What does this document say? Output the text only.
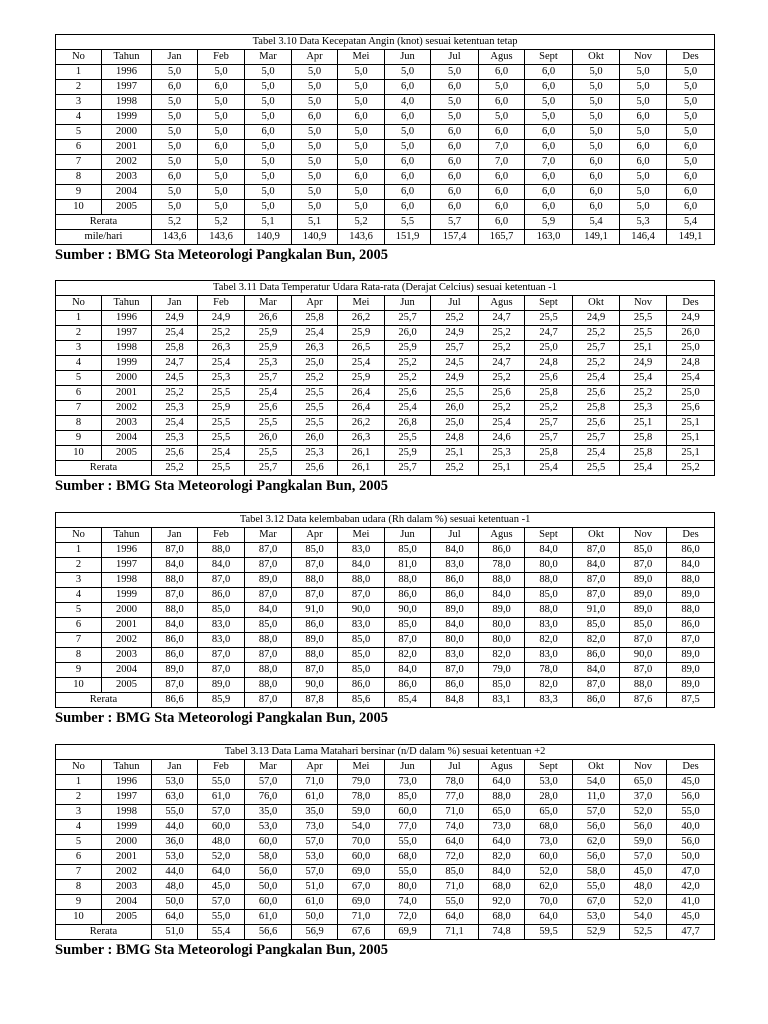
Tabel 3.10 Data Kecepatan Angin (knot) sesuai ketentuan tetap													
No	Tahun	Jan	Feb	Mar	Apr	Mei	Jun	Jul	Agus	Sept	Okt	Nov	Des
1	1996	5,0	5,0	5,0	5,0	5,0	5,0	5,0	6,0	6,0	5,0	5,0	5,0
2	1997	6,0	6,0	5,0	5,0	5,0	6,0	6,0	5,0	6,0	5,0	5,0	5,0
3	1998	5,0	5,0	5,0	5,0	5,0	4,0	5,0	6,0	5,0	5,0	5,0	5,0
4	1999	5,0	5,0	5,0	6,0	6,0	6,0	5,0	5,0	5,0	5,0	6,0	5,0
5	2000	5,0	5,0	6,0	5,0	5,0	5,0	6,0	6,0	6,0	5,0	5,0	5,0
6	2001	5,0	6,0	5,0	5,0	5,0	5,0	6,0	7,0	6,0	5,0	6,0	6,0
7	2002	5,0	5,0	5,0	5,0	5,0	6,0	6,0	7,0	7,0	6,0	6,0	5,0
8	2003	6,0	5,0	5,0	5,0	6,0	6,0	6,0	6,0	6,0	6,0	5,0	6,0
9	2004	5,0	5,0	5,0	5,0	5,0	6,0	6,0	6,0	6,0	6,0	5,0	6,0
10	2005	5,0	5,0	5,0	5,0	5,0	6,0	6,0	6,0	6,0	6,0	5,0	6,0
Rerata		5,2	5,2	5,1	5,1	5,2	5,5	5,7	6,0	5,9	5,4	5,3	5,4
mile/hari		143,6	143,6	140,9	140,9	143,6	151,9	157,4	165,7	163,0	149,1	146,4	149,1
Sumber : BMG Sta Meteorologi Pangkalan Bun, 2005
Tabel 3.11 Data Temperatur Udara Rata-rata (Derajat Celcius) sesuai ketentuan -1													
No	Tahun	Jan	Feb	Mar	Apr	Mei	Jun	Jul	Agus	Sept	Okt	Nov	Des
1	1996	24,9	24,9	26,6	25,8	26,2	25,7	25,2	24,7	25,5	24,9	25,5	24,9
2	1997	25,4	25,2	25,9	25,4	25,9	26,0	24,9	25,2	24,7	25,2	25,5	26,0
3	1998	25,8	26,3	25,9	26,3	26,5	25,9	25,7	25,2	25,0	25,7	25,1	25,0
4	1999	24,7	25,4	25,3	25,0	25,4	25,2	24,5	24,7	24,8	25,2	24,9	24,8
5	2000	24,5	25,3	25,7	25,2	25,9	25,2	24,9	25,2	25,6	25,4	25,4	25,4
6	2001	25,2	25,5	25,4	25,5	26,4	25,6	25,5	25,6	25,8	25,6	25,2	25,0
7	2002	25,3	25,9	25,6	25,5	26,4	25,4	26,0	25,2	25,2	25,8	25,3	25,6
8	2003	25,4	25,5	25,5	25,5	26,2	26,8	25,0	25,4	25,7	25,6	25,1	25,1
9	2004	25,3	25,5	26,0	26,0	26,3	25,5	24,8	24,6	25,7	25,7	25,8	25,1
10	2005	25,6	25,4	25,5	25,3	26,1	25,9	25,1	25,3	25,8	25,4	25,8	25,1
Rerata		25,2	25,5	25,7	25,6	26,1	25,7	25,2	25,1	25,4	25,5	25,4	25,2
Sumber : BMG Sta Meteorologi Pangkalan Bun, 2005
Tabel 3.12 Data kelembaban udara (Rh dalam %) sesuai ketentuan -1													
No	Tahun	Jan	Feb	Mar	Apr	Mei	Jun	Jul	Agus	Sept	Okt	Nov	Des
1	1996	87,0	88,0	87,0	85,0	83,0	85,0	84,0	86,0	84,0	87,0	85,0	86,0
2	1997	84,0	84,0	87,0	87,0	84,0	81,0	83,0	78,0	80,0	84,0	87,0	84,0
3	1998	88,0	87,0	89,0	88,0	88,0	88,0	86,0	88,0	88,0	87,0	89,0	88,0
4	1999	87,0	86,0	87,0	87,0	87,0	86,0	86,0	84,0	85,0	87,0	89,0	89,0
5	2000	88,0	85,0	84,0	91,0	90,0	90,0	89,0	89,0	88,0	91,0	89,0	88,0
6	2001	84,0	83,0	85,0	86,0	83,0	85,0	84,0	80,0	83,0	85,0	85,0	86,0
7	2002	86,0	83,0	88,0	89,0	85,0	87,0	80,0	80,0	82,0	82,0	87,0	87,0
8	2003	86,0	87,0	87,0	88,0	85,0	82,0	83,0	82,0	83,0	86,0	90,0	89,0
9	2004	89,0	87,0	88,0	87,0	85,0	84,0	87,0	79,0	78,0	84,0	87,0	89,0
10	2005	87,0	89,0	88,0	90,0	86,0	86,0	86,0	85,0	82,0	87,0	88,0	89,0
Rerata		86,6	85,9	87,0	87,8	85,6	85,4	84,8	83,1	83,3	86,0	87,6	87,5
Sumber : BMG Sta Meteorologi Pangkalan Bun, 2005
Tabel 3.13 Data Lama Matahari bersinar (n/D dalam %) sesuai ketentuan +2													
No	Tahun	Jan	Feb	Mar	Apr	Mei	Jun	Jul	Agus	Sept	Okt	Nov	Des
1	1996	53,0	55,0	57,0	71,0	79,0	73,0	78,0	64,0	53,0	54,0	65,0	45,0
2	1997	63,0	61,0	76,0	61,0	78,0	85,0	77,0	88,0	28,0	11,0	37,0	56,0
3	1998	55,0	57,0	35,0	35,0	59,0	60,0	71,0	65,0	65,0	57,0	52,0	55,0
4	1999	44,0	60,0	53,0	73,0	54,0	77,0	74,0	73,0	68,0	56,0	56,0	40,0
5	2000	36,0	48,0	60,0	57,0	70,0	55,0	64,0	64,0	73,0	62,0	59,0	56,0
6	2001	53,0	52,0	58,0	53,0	60,0	68,0	72,0	82,0	60,0	56,0	57,0	50,0
7	2002	44,0	64,0	56,0	57,0	69,0	55,0	85,0	84,0	52,0	58,0	45,0	47,0
8	2003	48,0	45,0	50,0	51,0	67,0	80,0	71,0	68,0	62,0	55,0	48,0	42,0
9	2004	50,0	57,0	60,0	61,0	69,0	74,0	55,0	92,0	70,0	67,0	52,0	41,0
10	2005	64,0	55,0	61,0	50,0	71,0	72,0	64,0	68,0	64,0	53,0	54,0	45,0
Rerata		51,0	55,4	56,6	56,9	67,6	69,9	71,1	74,8	59,5	52,9	52,5	47,7
Sumber : BMG Sta Meteorologi Pangkalan Bun, 2005
